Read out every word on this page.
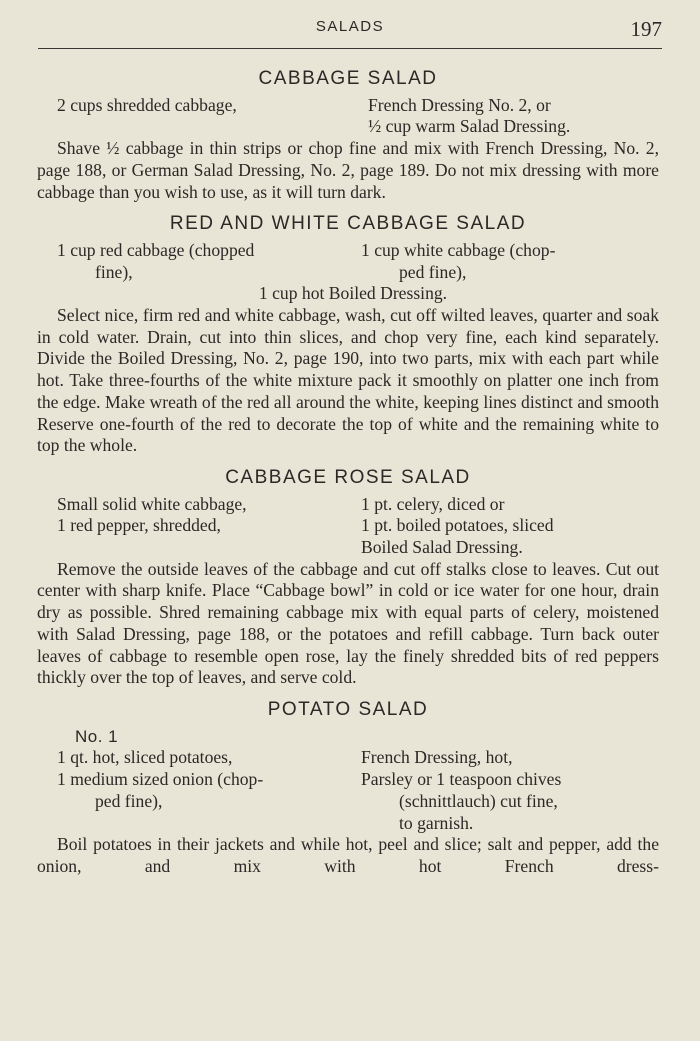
SALADS	197
CABBAGE SALAD
2 cups shredded cabbage,	French Dressing No. 2, or
½ cup warm Salad Dressing.

Shave ½ cabbage in thin strips or chop fine and mix with French Dressing, No. 2, page 188, or German Salad Dressing, No. 2, page 189. Do not mix dressing with more cabbage than you wish to use, as it will turn dark.

RED AND WHITE CABBAGE SALAD
1 cup red cabbage (chopped
fine),
1 cup white cabbage (chop-
ped fine),
1 cup hot Boiled Dressing.

Select nice, firm red and white cabbage, wash, cut off wilted leaves, quarter and soak in cold water. Drain, cut into thin slices, and chop very fine, each kind separately. Divide the Boiled Dressing, No. 2, page 190, into two parts, mix with each part while hot. Take three-fourths of the white mixture pack it smoothly on platter one inch from the edge. Make wreath of the red all around the white, keeping lines distinct and smooth Reserve one-fourth of the red to decorate the top of white and the remaining white to top the whole.

CABBAGE ROSE SALAD
Small solid white cabbage,
1 red pepper, shredded,
1 pt. celery, diced or
1 pt. boiled potatoes, sliced
Boiled Salad Dressing.

Remove the outside leaves of the cabbage and cut off stalks close to leaves. Cut out center with sharp knife. Place “Cabbage bowl” in cold or ice water for one hour, drain dry as possible. Shred remaining cabbage mix with equal parts of celery, moistened with Salad Dressing, page 188, or the potatoes and refill cabbage. Turn back outer leaves of cabbage to resemble open rose, lay the finely shredded bits of red peppers thickly over the top of leaves, and serve cold.

POTATO SALAD
No. 1
1 qt. hot, sliced potatoes,
1 medium sized onion (chop-
ped fine),
French Dressing, hot,
Parsley or 1 teaspoon chives
(schnittlauch) cut fine,
to garnish.

Boil potatoes in their jackets and while hot, peel and slice; salt and pepper, add the onion, and mix with hot French dress-
